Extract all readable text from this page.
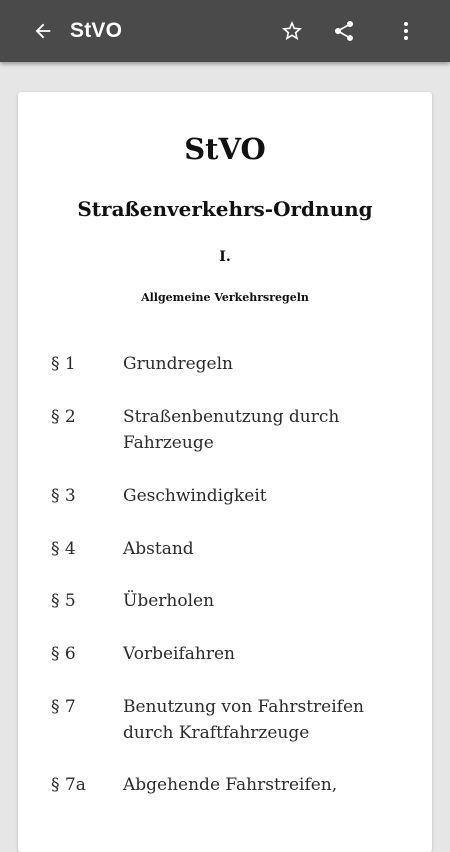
StVO
StVO
Straßenverkehrs-Ordnung
I.
Allgemeine Verkehrsregeln
§ 1	Grundregeln
§ 2	Straßenbenutzung durch Fahrzeuge
§ 3	Geschwindigkeit
§ 4	Abstand
§ 5	Überholen
§ 6	Vorbeifahren
§ 7	Benutzung von Fahrstreifen durch Kraftfahrzeuge
§ 7a	Abgehende Fahrstreifen,
